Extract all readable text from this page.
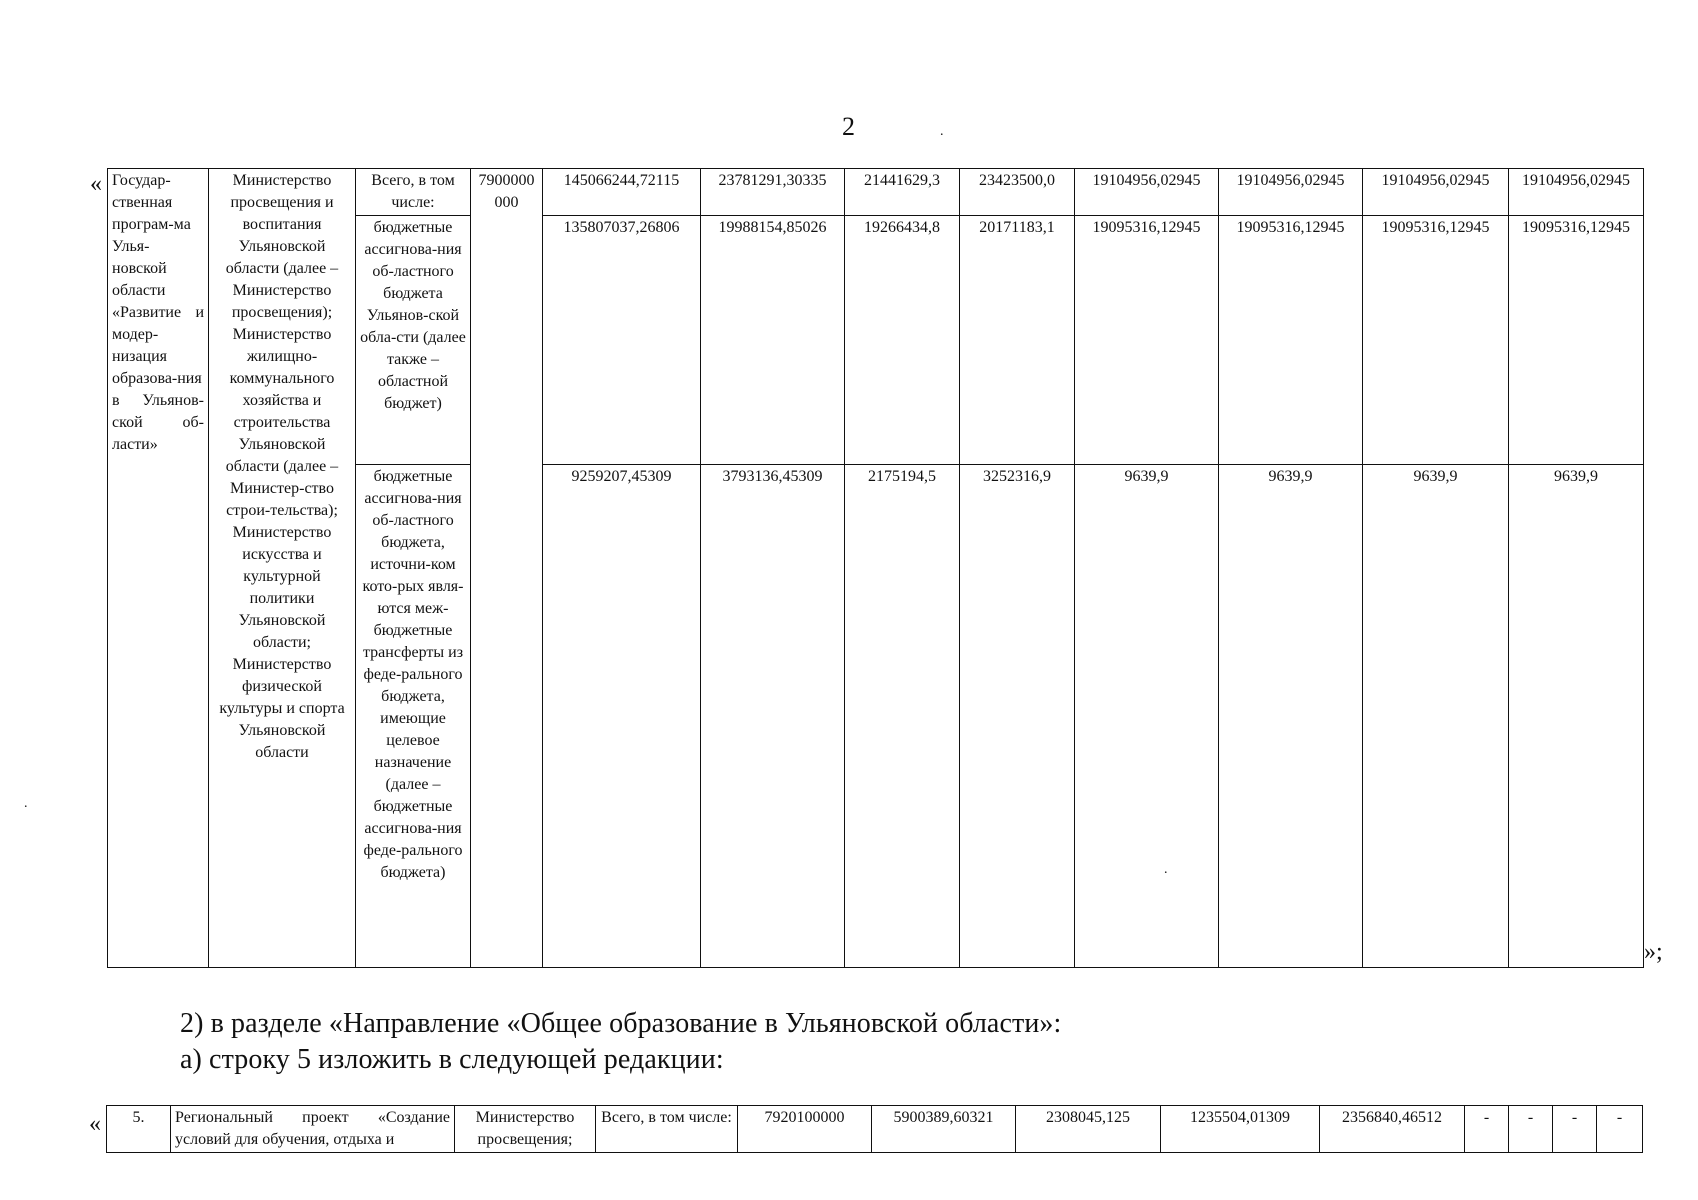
2	.
.
.
«
»;
Государ-ственная програм-ма Улья-новской области «Развитие и модер-низация образова-ния в Ульянов-ской об-ласти»	Министерство просвещения и воспитания Ульяновской области (далее – Министерство просвещения); Министерство жилищно-коммунального хозяйства и строительства Ульяновской области (далее – Министер-ство строи-тельства); Министерство искусства и культурной политики Ульяновской области; Министерство физической культуры и спорта Ульяновской области	Всего, в том числе:	7900000000	145066244,72115	23781291,30335	21441629,3	23423500,0	19104956,02945	19104956,02945	19104956,02945	19104956,02945
		бюджетные ассигнова-ния об-ластного бюджета Ульянов-ской обла-сти (далее также – областной бюджет)		135807037,26806	19988154,85026	19266434,8	20171183,1	19095316,12945	19095316,12945	19095316,12945	19095316,12945
		бюджетные ассигнова-ния об-ластного бюджета, источни-ком кото-рых явля-ются меж-бюджетные трансферты из феде-рального бюджета, имеющие целевое назначение (далее – бюджетные ассигнова-ния феде-рального бюджета)		9259207,45309	3793136,45309	2175194,5	3252316,9	9639,9	9639,9	9639,9	9639,9
2) в разделе «Направление «Общее образование в Ульяновской области»:
а) строку 5 изложить в следующей редакции:
« 5.	Региональный проект «Создание условий для обучения, отдыха и	Министерство просвещения;	Всего, в том числе:	7920100000	5900389,60321	2308045,125	1235504,01309	2356840,46512	-	-	-	-
